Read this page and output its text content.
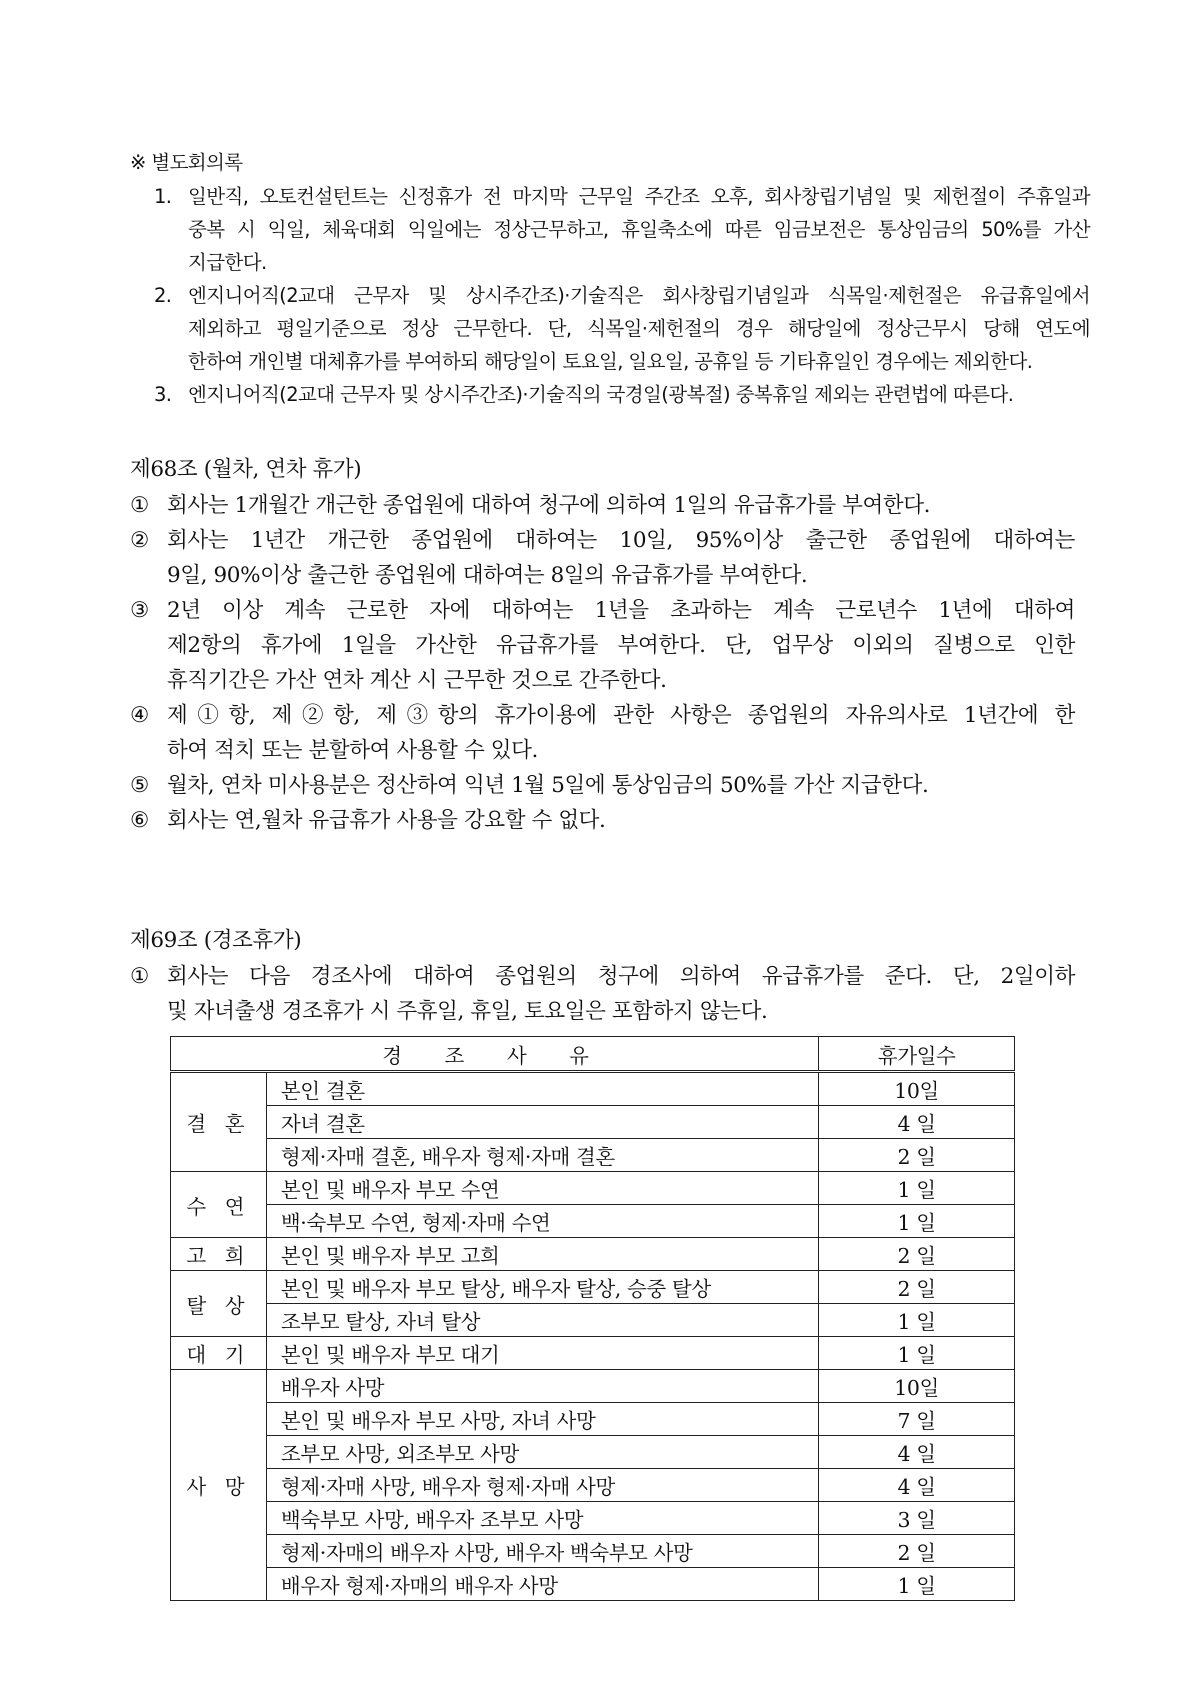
※ 별도회의록
1. 일반직, 오토컨설턴트는 신정휴가 전 마지막 근무일 주간조 오후, 회사창립기념일 및 제헌절이 주휴일과
중복 시 익일, 체육대회 익일에는 정상근무하고, 휴일축소에 따른 임금보전은 통상임금의 50%를 가산
지급한다.
2. 엔지니어직(2교대 근무자 및 상시주간조)·기술직은 회사창립기념일과 식목일·제헌절은 유급휴일에서
제외하고 평일기준으로 정상 근무한다. 단, 식목일·제헌절의 경우 해당일에 정상근무시 당해 연도에
한하여 개인별 대체휴가를 부여하되 해당일이 토요일, 일요일, 공휴일 등 기타휴일인 경우에는 제외한다.
3. 엔지니어직(2교대 근무자 및 상시주간조)·기술직의 국경일(광복절) 중복휴일 제외는 관련법에 따른다.
제68조 (월차, 연차 휴가)
① 회사는 1개월간 개근한 종업원에 대하여 청구에 의하여 1일의 유급휴가를 부여한다.
② 회사는 1년간 개근한 종업원에 대하여는 10일, 95%이상 출근한 종업원에 대하여는
9일, 90%이상 출근한 종업원에 대하여는 8일의 유급휴가를 부여한다.
③ 2년 이상 계속 근로한 자에 대하여는 1년을 초과하는 계속 근로년수 1년에 대하여
제2항의 휴가에 1일을 가산한 유급휴가를 부여한다. 단, 업무상 이외의 질병으로 인한
휴직기간은 가산 연차 계산 시 근무한 것으로 간주한다.
④ 제①항, 제②항, 제③항의 휴가이용에 관한 사항은 종업원의 자유의사로 1년간에 한
하여 적치 또는 분할하여 사용할 수 있다.
⑤ 월차, 연차 미사용분은 정산하여 익년 1월 5일에 통상임금의 50%를 가산 지급한다.
⑥ 회사는 연,월차 유급휴가 사용을 강요할 수 없다.
제69조 (경조휴가)
① 회사는 다음 경조사에 대하여 종업원의 청구에 의하여 유급휴가를 준다. 단, 2일이하
및 자녀출생 경조휴가 시 주휴일, 휴일, 토요일은 포함하지 않는다.
경 조 사 유		휴가일수
결 혼	본인 결혼	10일
	자녀 결혼	4 일
	형제·자매 결혼, 배우자 형제·자매 결혼	2 일
수 연	본인 및 배우자 부모 수연	1 일
	백·숙부모 수연, 형제·자매 수연	1 일
고 희	본인 및 배우자 부모 고희	2 일
탈 상	본인 및 배우자 부모 탈상, 배우자 탈상, 승중 탈상	2 일
	조부모 탈상, 자녀 탈상	1 일
대 기	본인 및 배우자 부모 대기	1 일
사 망	배우자 사망	10일
	본인 및 배우자 부모 사망, 자녀 사망	7 일
	조부모 사망, 외조부모 사망	4 일
	형제·자매 사망, 배우자 형제·자매 사망	4 일
	백숙부모 사망, 배우자 조부모 사망	3 일
	형제·자매의 배우자 사망, 배우자 백숙부모 사망	2 일
	배우자 형제·자매의 배우자 사망	1 일
